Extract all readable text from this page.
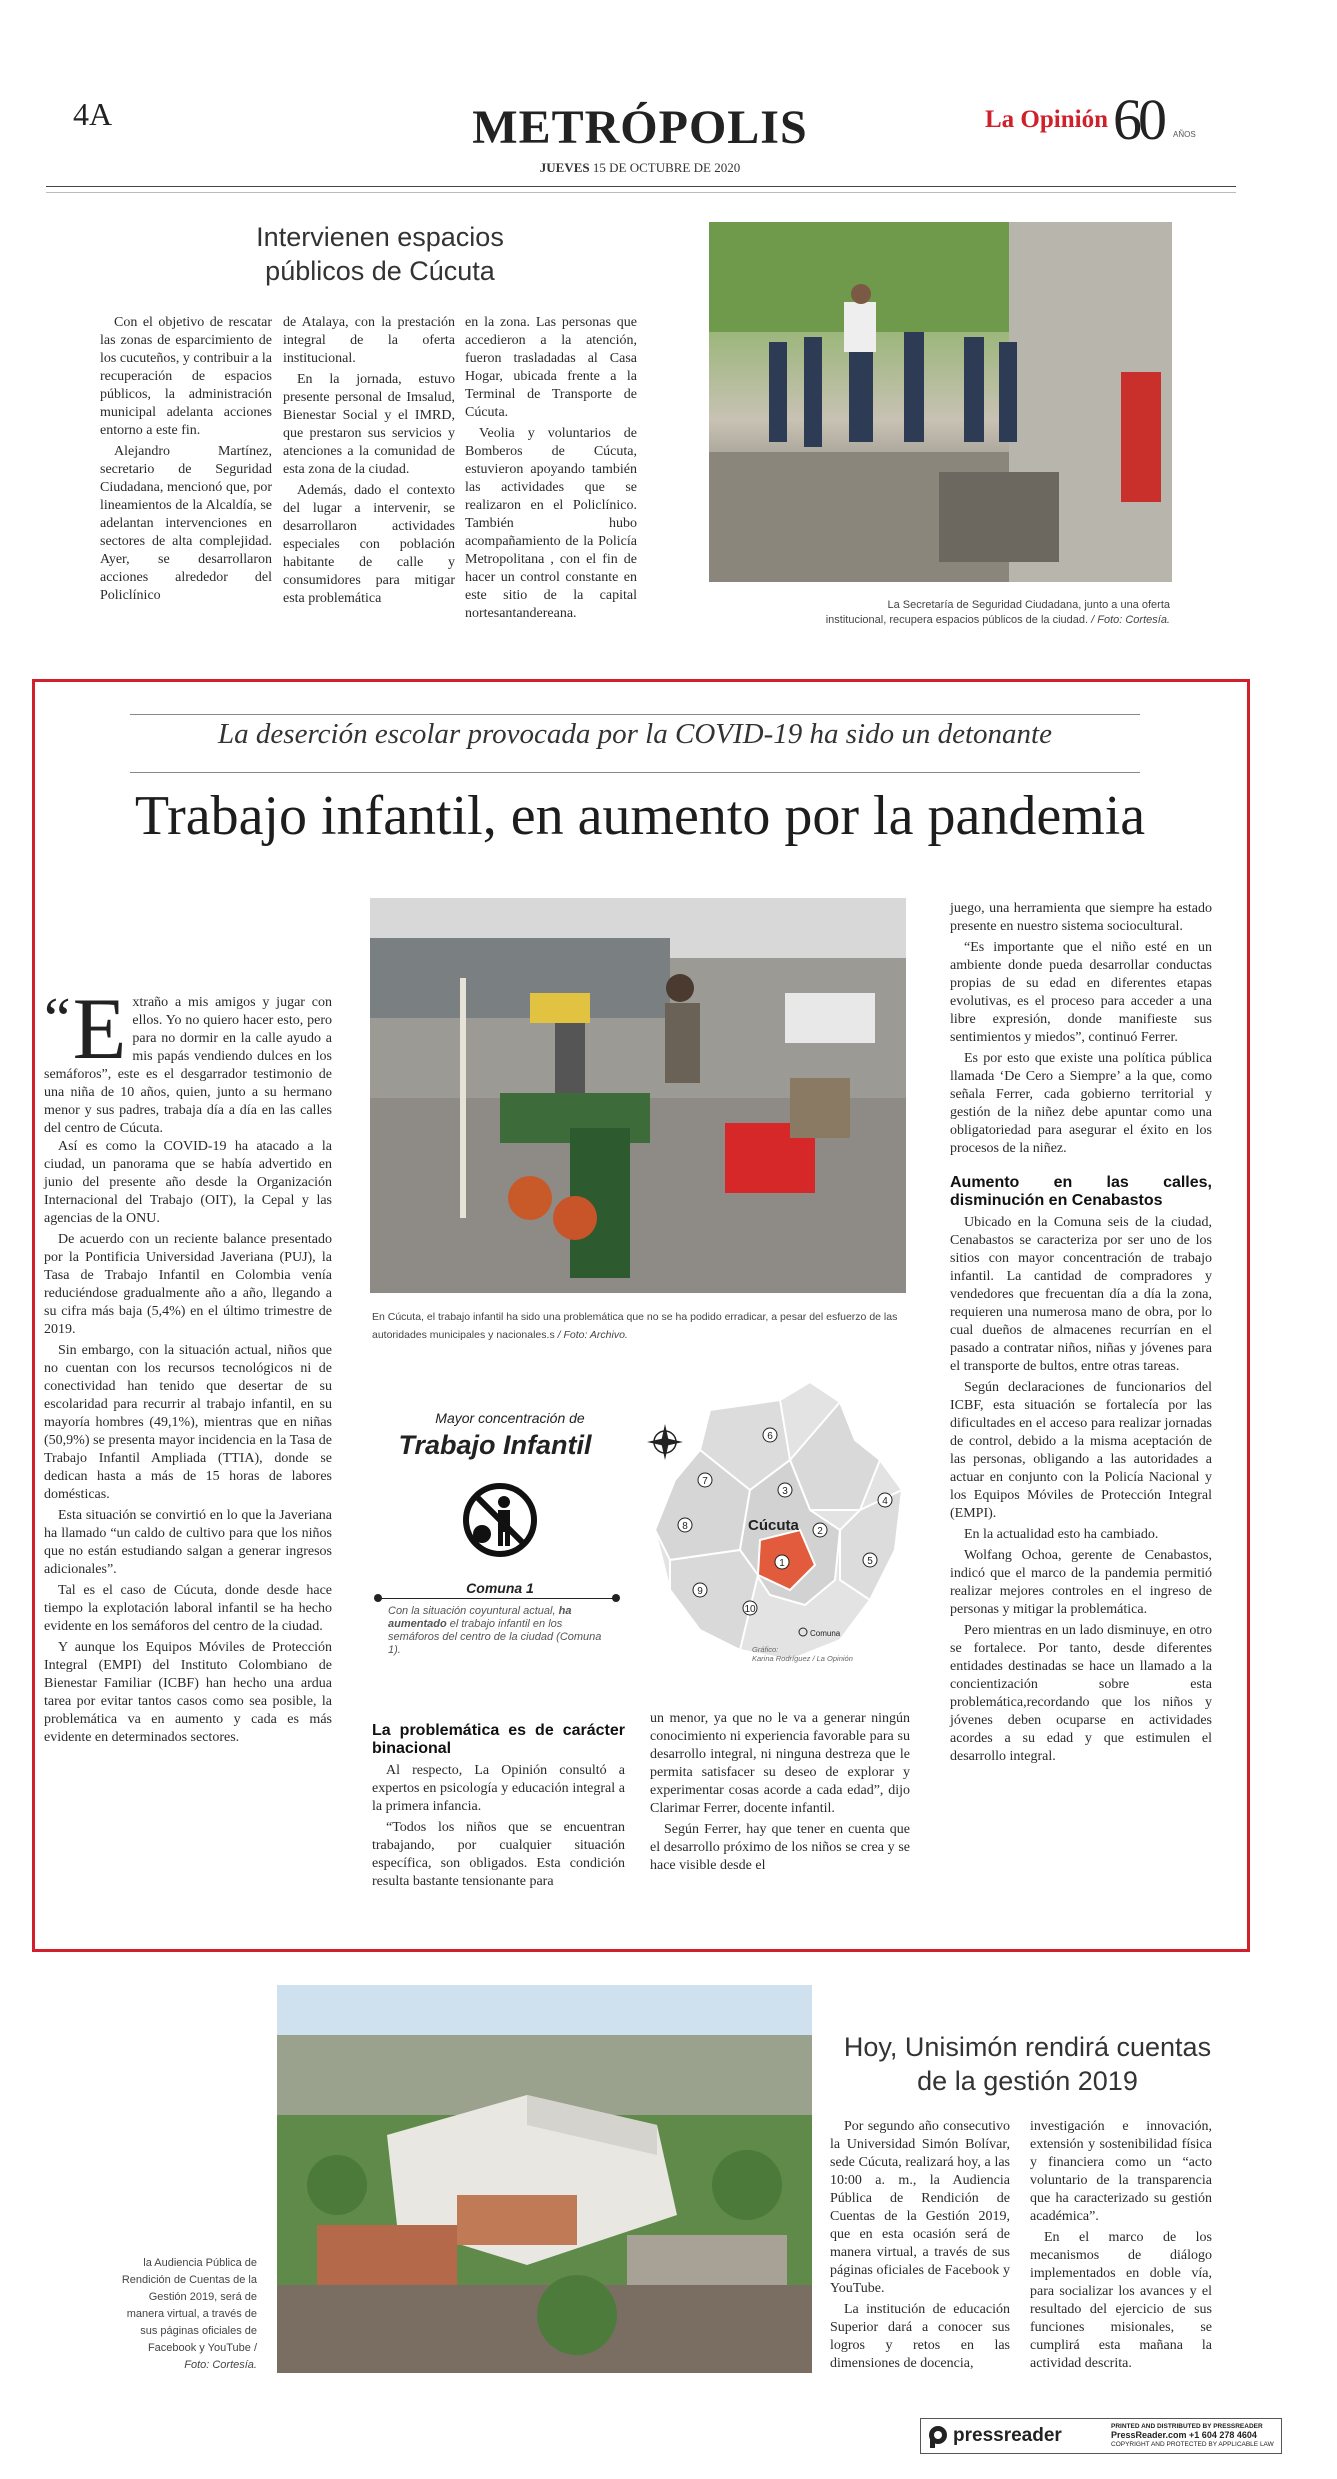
4A	METRÓPOLIS
JUEVES 15 DE OCTUBRE DE 2020
La Opinión 60 AÑOS
Intervienen espacios públicos de Cúcuta

Con el objetivo de rescatar las zonas de esparcimiento de los cucuteños, y contribuir a la recuperación de espacios públicos, la administración municipal adelanta acciones entorno a este fin.

Alejandro Martínez, secretario de Seguridad Ciudadana, mencionó que, por lineamientos de la Alcaldía, se adelantan intervenciones en sectores de alta complejidad. Ayer, se desarrollaron acciones alrededor del Policlínico

de Atalaya, con la prestación integral de la oferta institucional.

En la jornada, estuvo presente personal de Imsalud, Bienestar Social y el IMRD, que prestaron sus servicios y atenciones a la comunidad de esta zona de la ciudad.

Además, dado el contexto del lugar a intervenir, se desarrollaron actividades especiales con población habitante de calle y consumidores para mitigar esta problemática

en la zona. Las personas que accedieron a la atención, fueron trasladadas al Casa Hogar, ubicada frente a la Terminal de Transporte de Cúcuta.

Veolia y voluntarios de Bomberos de Cúcuta, estuvieron apoyando también las actividades que se realizaron en el Policlínico. También hubo acompañamiento de la Policía Metropolitana , con el fin de hacer un control constante en este sitio de la capital nortesantandereana.

La Secretaría de Seguridad Ciudadana, junto a una oferta institucional, recupera espacios públicos de la ciudad. / Foto: Cortesía.
La deserción escolar provocada por la COVID-19 ha sido un detonante
Trabajo infantil, en aumento por la pandemia
“ E xtraño a mis amigos y jugar con ellos. Yo no quiero hacer esto, pero para no dormir en la calle ayudo a mis papás vendiendo dulces en los semáforos”, este es el desgarrador testimonio de una niña de 10 años, quien, junto a su hermano menor y sus padres, trabaja día a día en las calles del centro de Cúcuta.

Así es como la COVID-19 ha atacado a la ciudad, un panorama que se había advertido en junio del presente año desde la Organización Internacional del Trabajo (OIT), la Cepal y las agencias de la ONU.

De acuerdo con un reciente balance presentado por la Pontificia Universidad Javeriana (PUJ), la Tasa de Trabajo Infantil en Colombia venía reduciéndose gradualmente año a año, llegando a su cifra más baja (5,4%) en el último trimestre de 2019.

Sin embargo, con la situación actual, niños que no cuentan con los recursos tecnológicos ni de conectividad han tenido que desertar de su escolaridad para recurrir al trabajo infantil, en su mayoría hombres (49,1%), mientras que en niñas (50,9%) se presenta mayor incidencia en la Tasa de Trabajo Infantil Ampliada (TTIA), donde se dedican hasta a más de 15 horas de labores domésticas.

Esta situación se convirtió en lo que la Javeriana ha llamado “un caldo de cultivo para que los niños que no están estudiando salgan a generar ingresos adicionales”.

Tal es el caso de Cúcuta, donde desde hace tiempo la explotación laboral infantil se ha hecho evidente en los semáforos del centro de la ciudad.

Y aunque los Equipos Móviles de Protección Integral (EMPI) del Instituto Colombiano de Bienestar Familiar (ICBF) han hecho una ardua tarea por evitar tantos casos como sea posible, la problemática va en aumento y cada es más evidente en determinados sectores.

En Cúcuta, el trabajo infantil ha sido una problemática que no se ha podido erradicar, a pesar del esfuerzo de las autoridades municipales y nacionales.s / Foto: Archivo.
Mayor concentración de
Trabajo Infantil
Comuna 1
Con la situación coyuntural actual, ha aumentado el trabajo infantil en los semáforos del centro de la ciudad (Comuna 1).
6
7
8
3
4
2
5
1
9
10
Cúcuta
Comuna
Gráfico:
Karina Rodríguez / La Opinión
La problemática es de carácter binacional

Al respecto, La Opinión consultó a expertos en psicología y educación integral a la primera infancia.

“Todos los niños que se encuentran trabajando, por cualquier situación específica, son obligados. Esta condición resulta bastante tensionante para

un menor, ya que no le va a generar ningún conocimiento ni experiencia favorable para su desarrollo integral, ni ninguna destreza que le permita satisfacer su deseo de explorar y experimentar cosas acorde a cada edad”, dijo Clarimar Ferrer, docente infantil.

Según Ferrer, hay que tener en cuenta que el desarrollo próximo de los niños se crea y se hace visible desde el

juego, una herramienta que siempre ha estado presente en nuestro sistema sociocultural.

“Es importante que el niño esté en un ambiente donde pueda desarrollar conductas propias de su edad en diferentes etapas evolutivas, es el proceso para acceder a una libre expresión, donde manifieste sus sentimientos y miedos”, continuó Ferrer.

Es por esto que existe una política pública llamada ‘De Cero a Siempre’ a la que, como señala Ferrer, cada gobierno territorial y gestión de la niñez debe apuntar como una obligatoriedad para asegurar el éxito en los procesos de la niñez.

Aumento en las calles, disminución en Cenabastos

Ubicado en la Comuna seis de la ciudad, Cenabastos se caracteriza por ser uno de los sitios con mayor concentración de trabajo infantil. La cantidad de compradores y vendedores que frecuentan día a día la zona, requieren una numerosa mano de obra, por lo cual dueños de almacenes recurrían en el pasado a contratar niños, niñas y jóvenes para el transporte de bultos, entre otras tareas.

Según declaraciones de funcionarios del ICBF, esta situación se fortalecía por las dificultades en el acceso para realizar jornadas de control, debido a la misma aceptación de las personas, obligando a las autoridades a actuar en conjunto con la Policía Nacional y los Equipos Móviles de Protección Integral (EMPI).

En la actualidad esto ha cambiado.

Wolfang Ochoa, gerente de Cenabastos, indicó que el marco de la pandemia permitió realizar mejores controles en el ingreso de personas y mitigar la problemática.

Pero mientras en un lado disminuye, en otro se fortalece. Por tanto, desde diferentes entidades destinadas se hace un llamado a la concientización sobre esta problemática,recordando que los niños y jóvenes deben ocuparse en actividades acordes a su edad y que estimulen el desarrollo integral.

la Audiencia Pública de Rendición de Cuentas de la Gestión 2019, será de manera virtual, a través de sus páginas oficiales de Facebook y YouTube / Foto: Cortesía.
Hoy, Unisimón rendirá cuentas de la gestión 2019

Por segundo año consecutivo la Universidad Simón Bolívar, sede Cúcuta, realizará hoy, a las 10:00 a. m., la Audiencia Pública de Rendición de Cuentas de la Gestión 2019, que en esta ocasión será de manera virtual, a través de sus páginas oficiales de Facebook y YouTube.

La institución de educación Superior dará a conocer sus logros y retos en las dimensiones de docencia,

investigación e innovación, extensión y sostenibilidad física y financiera como un “acto voluntario de la transparencia que ha caracterizado su gestión académica”.

En el marco de los mecanismos de diálogo implementados en doble vía, para socializar los avances y el resultado del ejercicio de sus funciones misionales, se cumplirá esta mañana la actividad descrita.

pressreader	PRINTED AND DISTRIBUTED BY PRESSREADER
PressReader.com +1 604 278 4604
COPYRIGHT AND PROTECTED BY APPLICABLE LAW
